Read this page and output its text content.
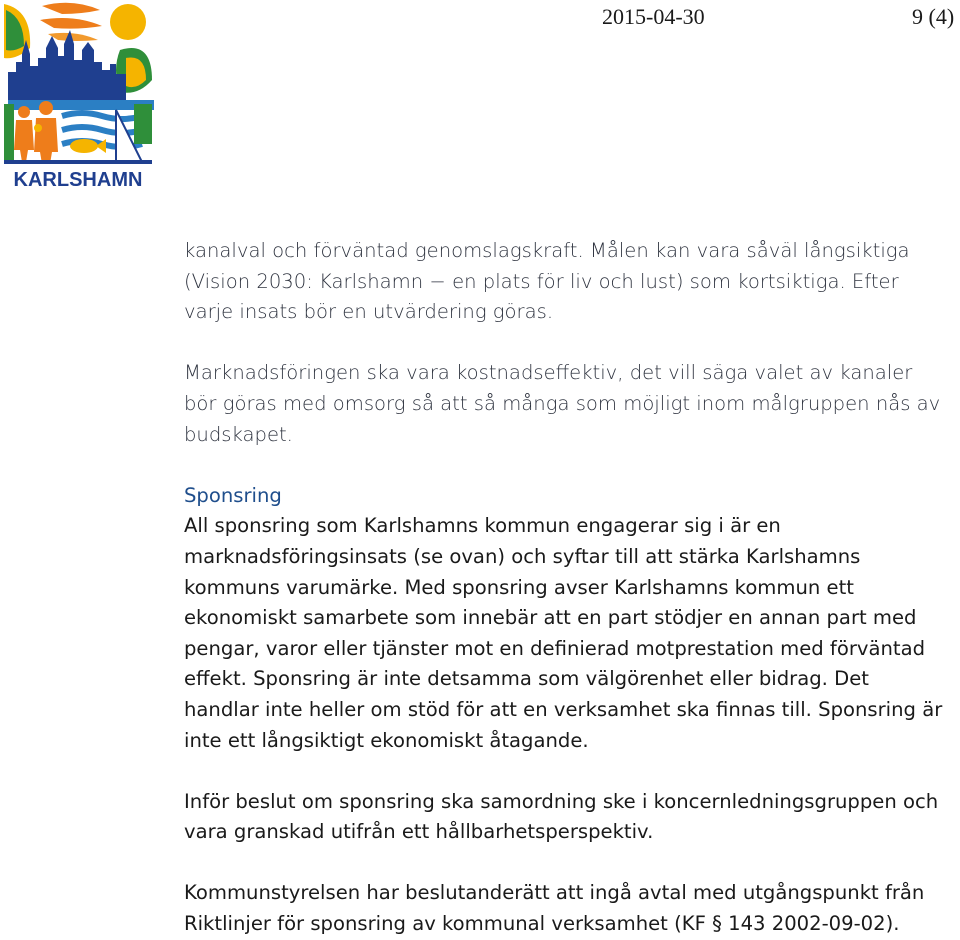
KARLSHAMN
2015-04-30	9 (4)

kanalval och förväntad genomslagskraft. Målen kan vara såväl långsiktiga
(Vision 2030: Karlshamn − en plats för liv och lust) som kortsiktiga. Efter
varje insats bör en utvärdering göras.

Marknadsföringen ska vara kostnadseffektiv, det vill säga valet av kanaler
bör göras med omsorg så att så många som möjligt inom målgruppen nås av
budskapet.

Sponsring

All sponsring som Karlshamns kommun engagerar sig i är en
marknadsföringsinsats (se ovan) och syftar till att stärka Karlshamns
kommuns varumärke. Med sponsring avser Karlshamns kommun ett
ekonomiskt samarbete som innebär att en part stödjer en annan part med
pengar, varor eller tjänster mot en definierad motprestation med förväntad
effekt. Sponsring är inte detsamma som välgörenhet eller bidrag. Det
handlar inte heller om stöd för att en verksamhet ska finnas till. Sponsring är
inte ett långsiktigt ekonomiskt åtagande.

Inför beslut om sponsring ska samordning ske i koncernledningsgruppen och
vara granskad utifrån ett hållbarhetsperspektiv.

Kommunstyrelsen har beslutanderätt att ingå avtal med utgångspunkt från
Riktlinjer för sponsring av kommunal verksamhet (KF § 143 2002-09-02).
